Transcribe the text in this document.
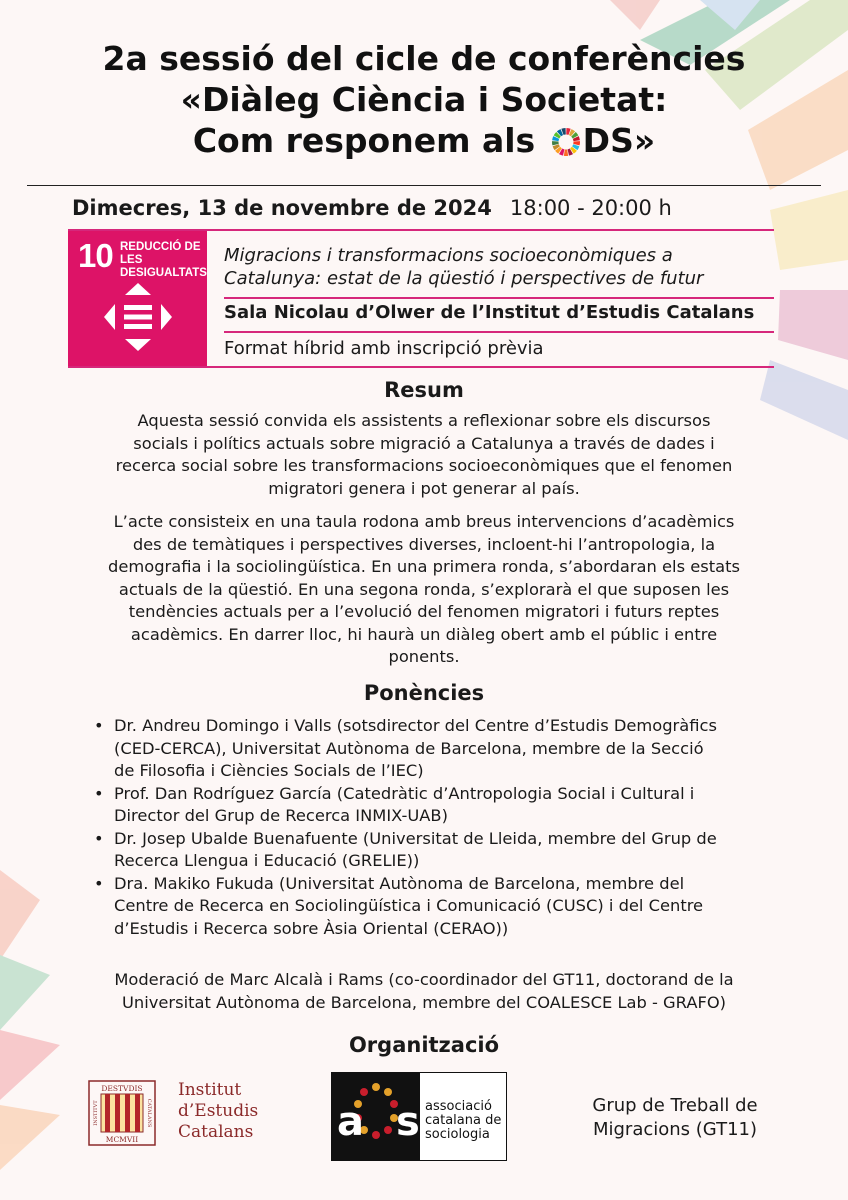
2a sessió del cicle de conferències
«Diàleg Ciència i Societat:
Com responem als DS»
Dimecres, 13 de novembre de 2024 18:00 - 20:00 h
10 REDUCCIÓ DE
LES DESIGUALTATS
Migracions i transformacions socioeconòmiques a
Catalunya: estat de la qüestió i perspectives de futur
Sala Nicolau d’Olwer de l’Institut d’Estudis Catalans
Format híbrid amb inscripció prèvia
Resum
Aquesta sessió convida els assistents a reflexionar sobre els discursos
socials i polítics actuals sobre migració a Catalunya a través de dades i
recerca social sobre les transformacions socioeconòmiques que el fenomen
migratori genera i pot generar al país.
L’acte consisteix en una taula rodona amb breus intervencions d’acadèmics
des de temàtiques i perspectives diverses, incloent-hi l’antropologia, la
demografia i la sociolingüística. En una primera ronda, s’abordaran els estats
actuals de la qüestió. En una segona ronda, s’explorarà el que suposen les
tendències actuals per a l’evolució del fenomen migratori i futurs reptes
acadèmics. En darrer lloc, hi haurà un diàleg obert amb el públic i entre
ponents.
Ponències
• Dr. Andreu Domingo i Valls (sotsdirector del Centre d’Estudis Demogràfics
(CED-CERCA), Universitat Autònoma de Barcelona, membre de la Secció
de Filosofia i Ciències Socials de l’IEC)
• Prof. Dan Rodríguez García (Catedràtic d’Antropologia Social i Cultural i
Director del Grup de Recerca INMIX-UAB)
• Dr. Josep Ubalde Buenafuente (Universitat de Lleida, membre del Grup de
Recerca Llengua i Educació (GRELIE))
• Dra. Makiko Fukuda (Universitat Autònoma de Barcelona, membre del
Centre de Recerca en Sociolingüística i Comunicació (CUSC) i del Centre
d’Estudis i Recerca sobre Àsia Oriental (CERAO))
Moderació de Marc Alcalà i Rams (co-coordinador del GT11, doctorand de la
Universitat Autònoma de Barcelona, membre del COALESCE Lab - GRAFO)
Organització
DESTVDIS
MCMVII
INSTITVT	CATALANS
Institut
d’Estudis
Catalans a s associació
catalana de
sociologia
Grup de Treball de
Migracions (GT11)
